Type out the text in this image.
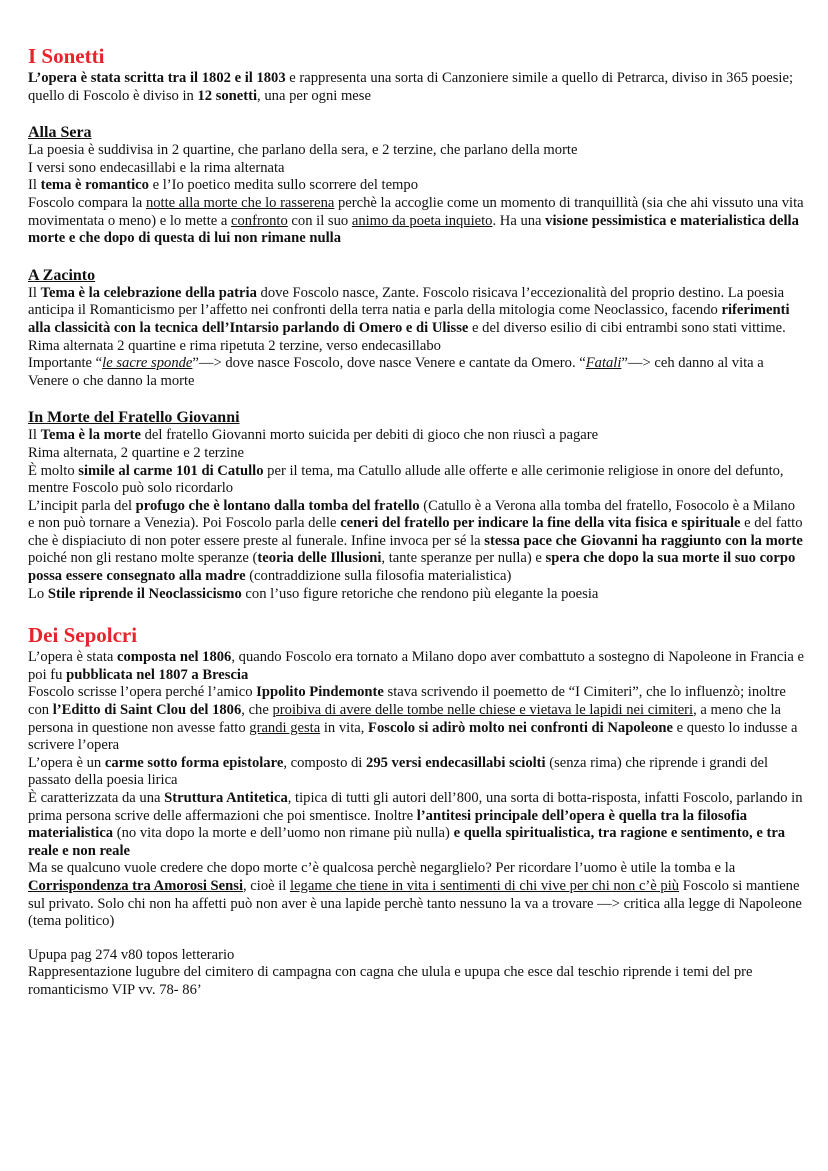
I Sonetti

L’opera è stata scritta tra il 1802 e il 1803 e rappresenta una sorta di Canzoniere simile a quello di Petrarca, diviso in 365 poesie; quello di Foscolo è diviso in 12 sonetti, una per ogni mese

Alla Sera

La poesia è suddivisa in 2 quartine, che parlano della sera, e 2 terzine, che parlano della morte

I versi sono endecasillabi e la rima alternata

Il tema è romantico e l’Io poetico medita sullo scorrere del tempo

Foscolo compara la notte alla morte che lo rasserena perchè la accoglie come un momento di tranquillità (sia che ahi vissuto una vita movimentata o meno) e lo mette a confronto con il suo animo da poeta inquieto. Ha una visione pessimistica e materialistica della morte e che dopo di questa di lui non rimane nulla

A Zacinto

Il Tema è la celebrazione della patria dove Foscolo nasce, Zante. Foscolo risicava l’eccezionalità del proprio destino. La poesia anticipa il Romanticismo per l’affetto nei confronti della terra natia e parla della mitologia come Neoclassico, facendo riferimenti alla classicità con la tecnica dell’Intarsio parlando di Omero e di Ulisse e del diverso esilio di cibi entrambi sono stati vittime.

Rima alternata 2 quartine e rima ripetuta 2 terzine, verso endecasillabo

Importante “le sacre sponde”—> dove nasce Foscolo, dove nasce Venere e cantate da Omero. “Fatali”—> ceh danno al vita a Venere o che danno la morte

In Morte del Fratello Giovanni

Il Tema è la morte del fratello Giovanni morto suicida per debiti di gioco che non riuscì a pagare

Rima alternata, 2 quartine e 2 terzine

È molto simile al carme 101 di Catullo per il tema, ma Catullo allude alle offerte e alle cerimonie religiose in onore del defunto, mentre Foscolo può solo ricordarlo

L’incipit parla del profugo che è lontano dalla tomba del fratello (Catullo è a Verona alla tomba del fratello, Fosocolo è a Milano e non può tornare a Venezia). Poi Foscolo parla delle ceneri del fratello per indicare la fine della vita fisica e spirituale e del fatto che è dispiaciuto di non poter essere preste al funerale. Infine invoca per sé la stessa pace che Giovanni ha raggiunto con la morte poiché non gli restano molte speranze (teoria delle Illusioni, tante speranze per nulla) e spera che dopo la sua morte il suo corpo possa essere consegnato alla madre (contraddizione sulla filosofia materialistica)

Lo Stile riprende il Neoclassicismo con l’uso figure retoriche che rendono più elegante la poesia

Dei Sepolcri

L’opera è stata composta nel 1806, quando Foscolo era tornato a Milano dopo aver combattuto a sostegno di Napoleone in Francia e poi fu pubblicata nel 1807 a Brescia

Foscolo scrisse l’opera perché l’amico Ippolito Pindemonte stava scrivendo il poemetto de “I Cimiteri”, che lo influenzò; inoltre con l’Editto di Saint Clou del 1806, che proibiva di avere delle tombe nelle chiese e vietava le lapidi nei cimiteri, a meno che la persona in questione non avesse fatto grandi gesta in vita, Foscolo si adirò molto nei confronti di Napoleone e questo lo indusse a scrivere l’opera

L’opera è un carme sotto forma epistolare, composto di 295 versi endecasillabi sciolti (senza rima) che riprende i grandi del passato della poesia lirica

È caratterizzata da una Struttura Antitetica, tipica di tutti gli autori dell’800, una sorta di botta-risposta, infatti Foscolo, parlando in prima persona scrive delle affermazioni che poi smentisce. Inoltre l’antitesi principale dell’opera è quella tra la filosofia materialistica (no vita dopo la morte e dell’uomo non rimane più nulla) e quella spiritualistica, tra ragione e sentimento, e tra reale e non reale

Ma se qualcuno vuole credere che dopo morte c’è qualcosa perchè negarglielo? Per ricordare l’uomo è utile la tomba e la Corrispondenza tra Amorosi Sensi, cioè il legame che tiene in vita i sentimenti di chi vive per chi non c’è più Foscolo si mantiene sul privato. Solo chi non ha affetti può non aver è una lapide perchè tanto nessuno la va a trovare —> critica alla legge di Napoleone (tema politico)

Upupa pag 274 v80 topos letterario

Rappresentazione lugubre del cimitero di campagna con cagna che ulula e upupa che esce dal teschio riprende i temi del pre romanticismo VIP vv. 78- 86’
